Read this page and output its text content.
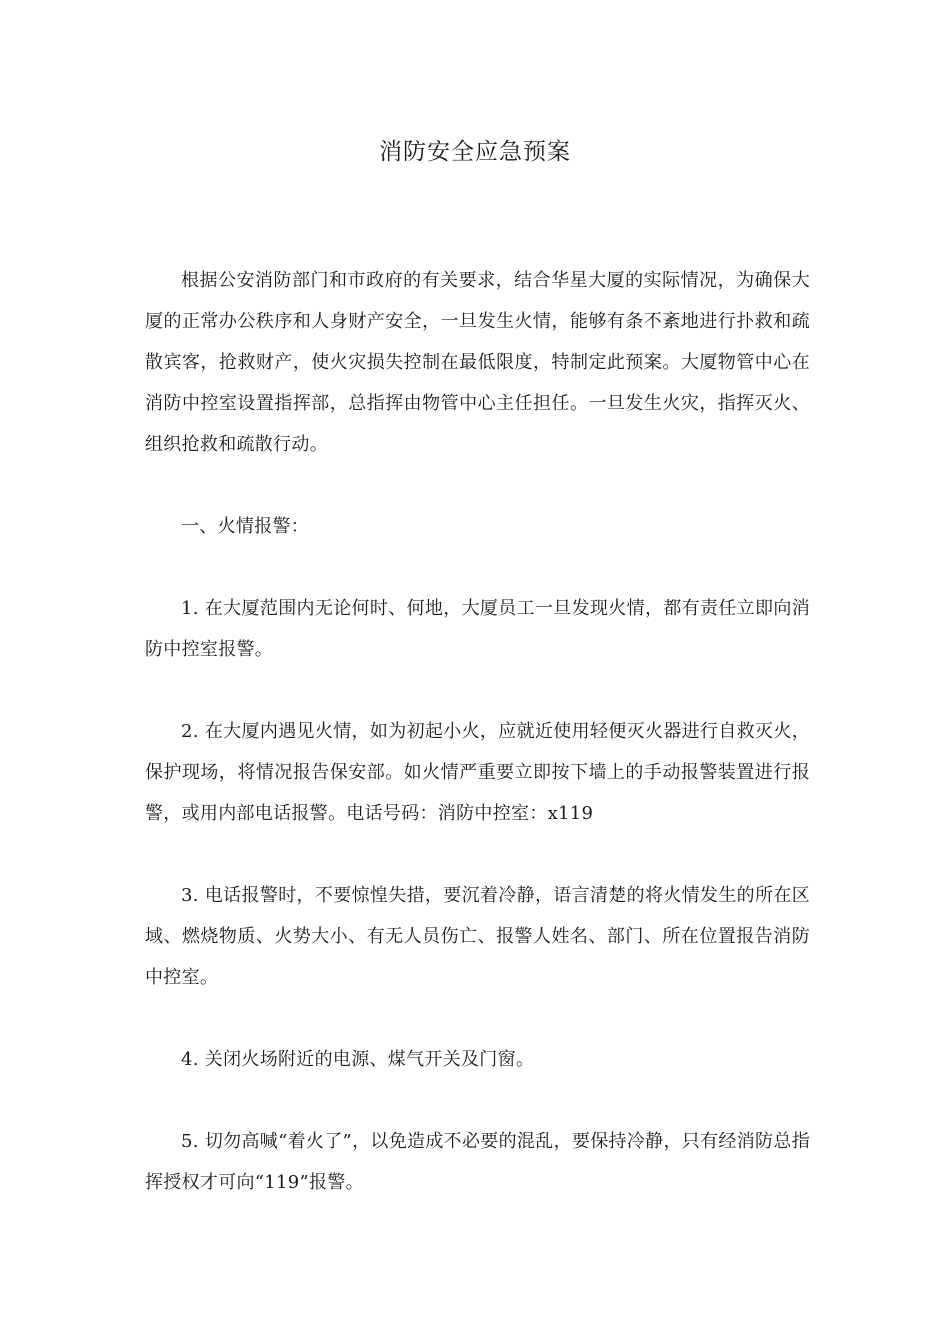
消防安全应急预案

根据公安消防部门和市政府的有关要求，结合华星大厦的实际情况，为确保大厦的正常办公秩序和人身财产安全，一旦发生火情，能够有条不紊地进行扑救和疏散宾客，抢救财产，使火灾损失控制在最低限度，特制定此预案。大厦物管中心在消防中控室设置指挥部，总指挥由物管中心主任担任。一旦发生火灾，指挥灭火、组织抢救和疏散行动。

一、火情报警：

1. 在大厦范围内无论何时、何地，大厦员工一旦发现火情，都有责任立即向消防中控室报警。

2. 在大厦内遇见火情，如为初起小火，应就近使用轻便灭火器进行自救灭火，保护现场，将情况报告保安部。如火情严重要立即按下墙上的手动报警装置进行报警，或用内部电话报警。电话号码：消防中控室：x119

3. 电话报警时，不要惊惶失措，要沉着冷静，语言清楚的将火情发生的所在区域、燃烧物质、火势大小、有无人员伤亡、报警人姓名、部门、所在位置报告消防中控室。

4. 关闭火场附近的电源、煤气开关及门窗。

5. 切勿高喊“着火了”，以免造成不必要的混乱，要保持冷静，只有经消防总指挥授权才可向“119”报警。
